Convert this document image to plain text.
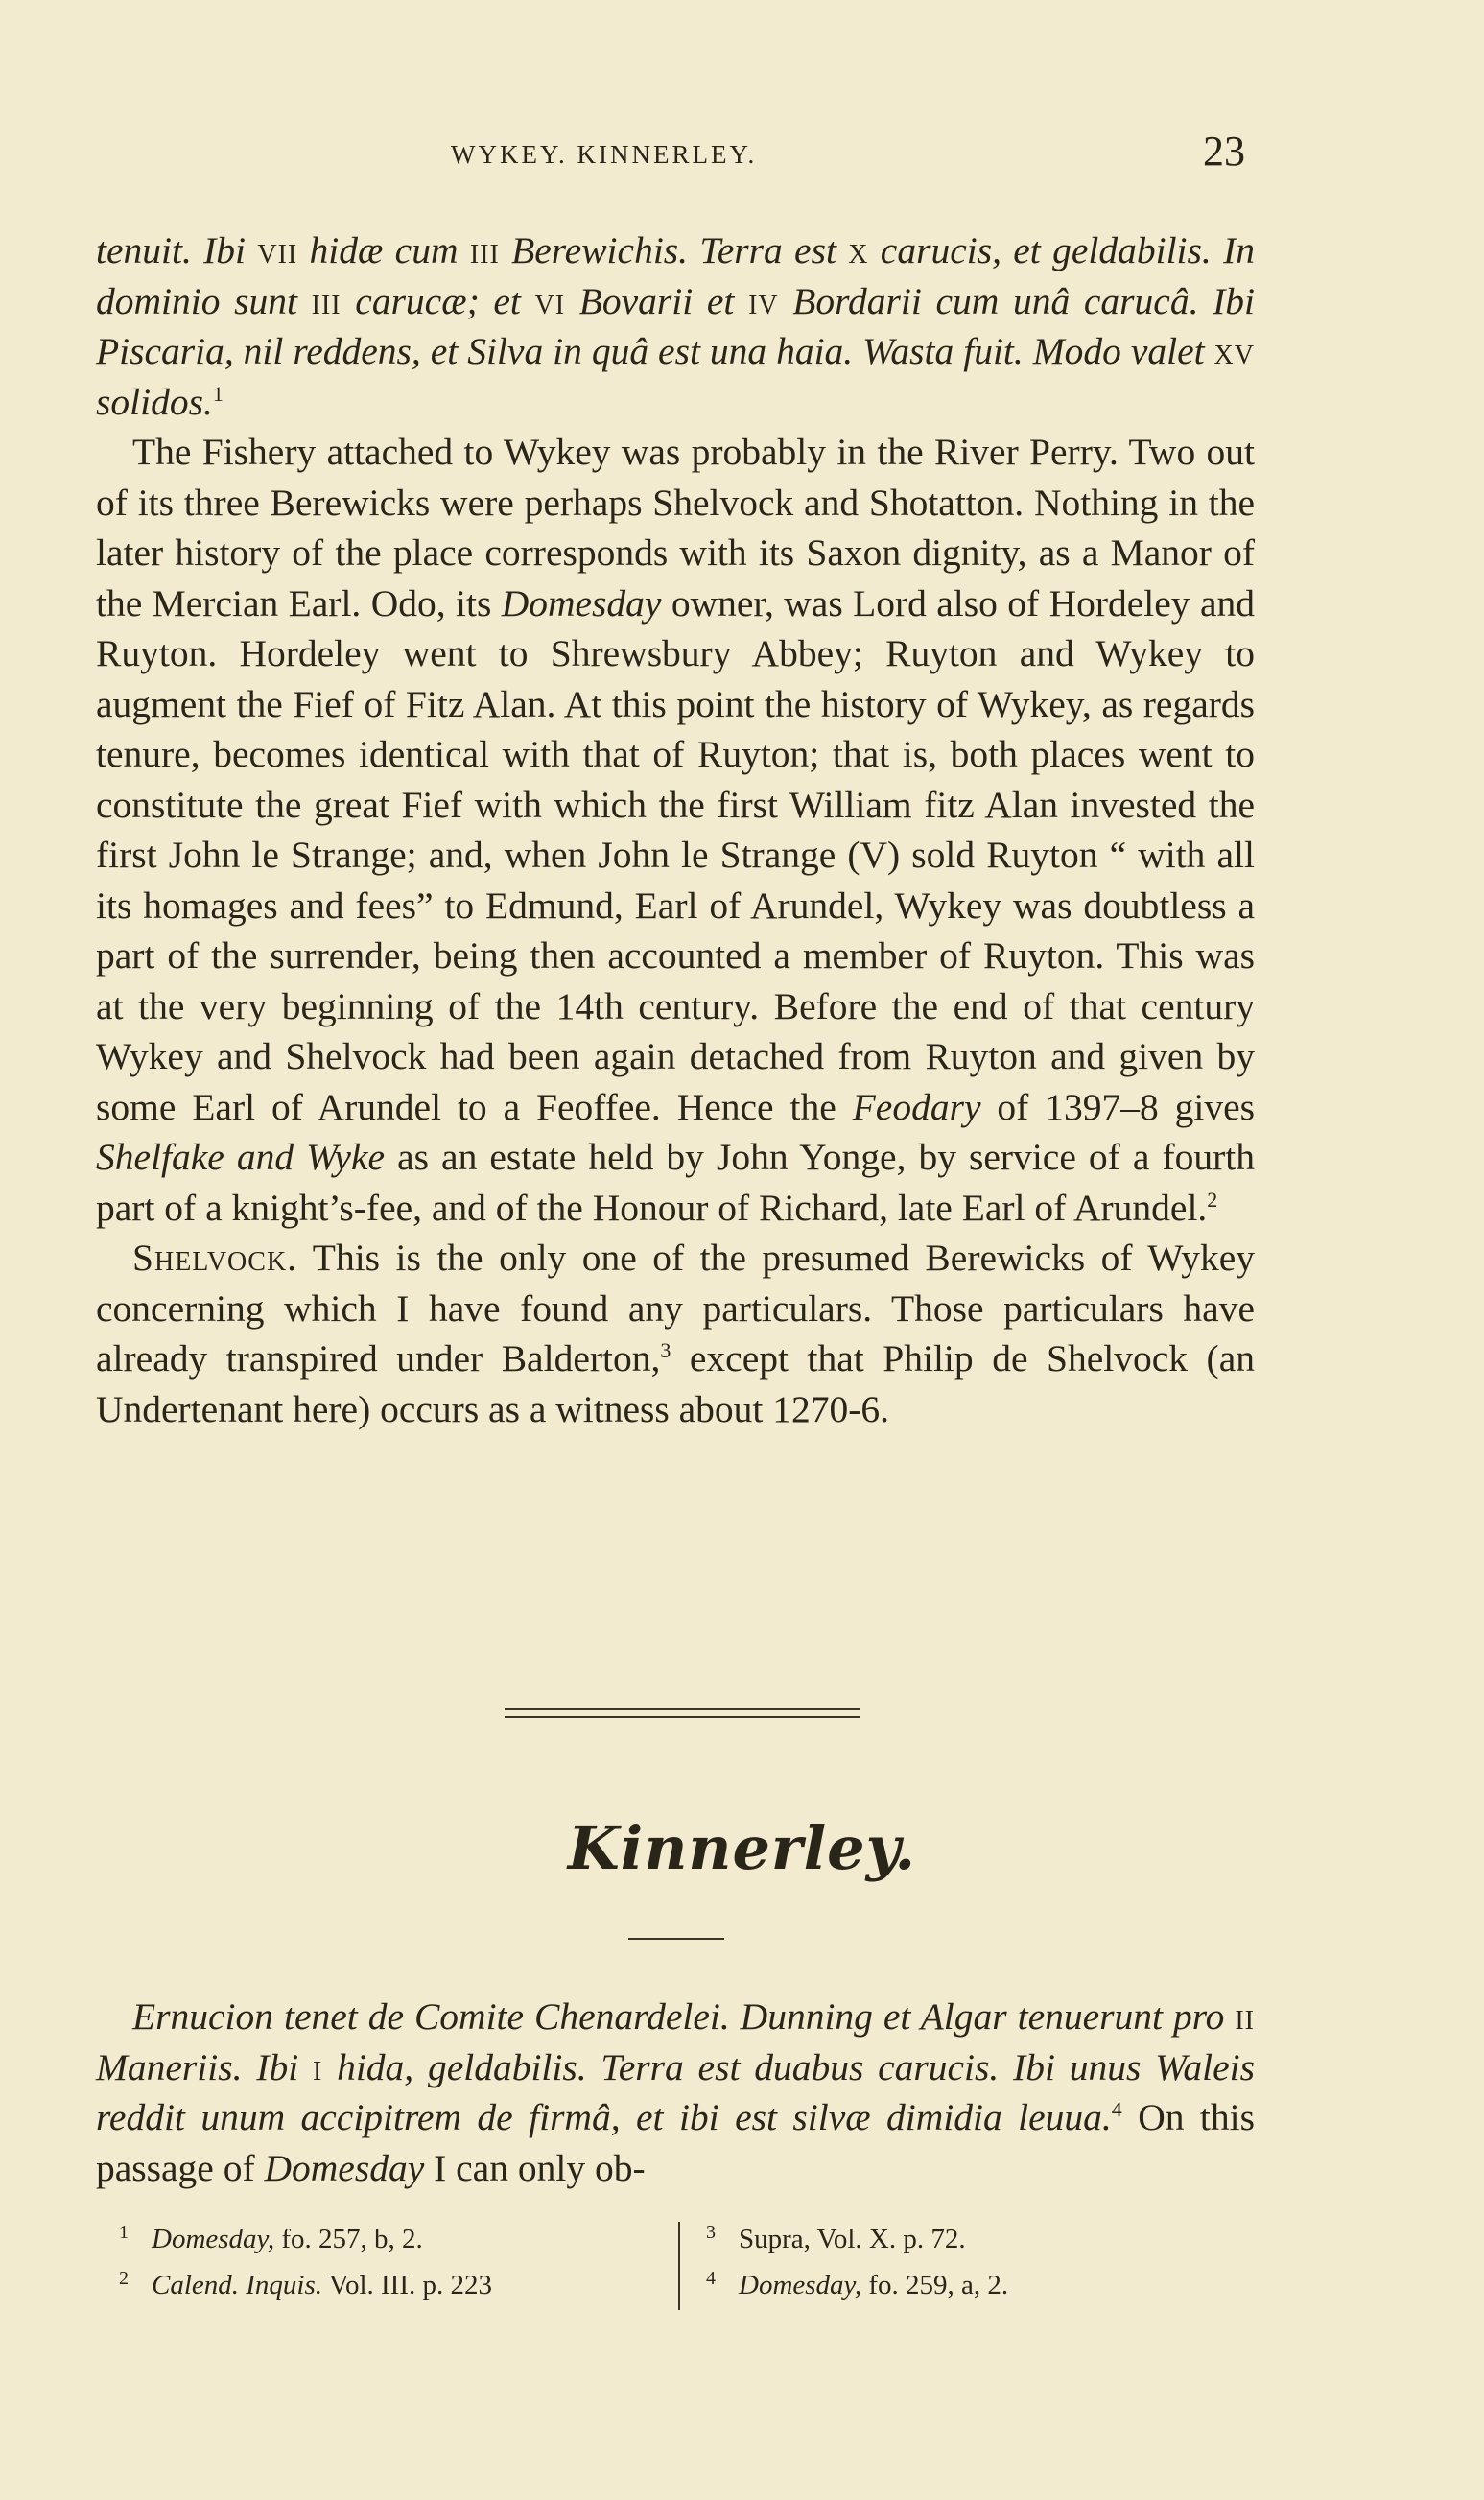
WYKEY. KINNERLEY.	23

tenuit. Ibi vii hidæ cum iii Berewichis. Terra est x carucis, et geldabilis. In dominio sunt iii carucæ; et vi Bovarii et iv Bordarii cum unâ carucâ. Ibi Piscaria, nil reddens, et Silva in quâ est una haia. Wasta fuit. Modo valet xv solidos.$^1$

The Fishery attached to Wykey was probably in the River Perry. Two out of its three Berewicks were perhaps Shelvock and Shotatton. Nothing in the later history of the place corresponds with its Saxon dignity, as a Manor of the Mercian Earl. Odo, its Domesday owner, was Lord also of Hordeley and Ruyton. Hordeley went to Shrewsbury Abbey; Ruyton and Wykey to augment the Fief of Fitz Alan. At this point the history of Wykey, as regards tenure, becomes identical with that of Ruyton; that is, both places went to constitute the great Fief with which the first William fitz Alan invested the first John le Strange; and, when John le Strange (V) sold Ruyton “ with all its homages and fees” to Edmund, Earl of Arundel, Wykey was doubtless a part of the surrender, being then accounted a member of Ruyton. This was at the very beginning of the 14th century. Before the end of that century Wykey and Shelvock had been again detached from Ruyton and given by some Earl of Arundel to a Feoffee. Hence the Feodary of 1397–8 gives Shelfake and Wyke as an estate held by John Yonge, by service of a fourth part of a knight’s-fee, and of the Honour of Richard, late Earl of Arundel.$^2$

Shelvock. This is the only one of the presumed Berewicks of Wykey concerning which I have found any particulars. Those particulars have already transpired under Balderton,$^3$ except that Philip de Shelvock (an Undertenant here) occurs as a witness about 1270-6.

Kinnerley.

Ernucion tenet de Comite Chenardelei. Dunning et Algar tenuerunt pro ii Maneriis. Ibi i hida, geldabilis. Terra est duabus carucis. Ibi unus Waleis reddit unum accipitrem de firmâ, et ibi est silvæ dimidia leuua.$^4$ On this passage of Domesday I can only ob-

1 Domesday, fo. 257, b, 2.
2 Calend. Inquis. Vol. III. p. 223
3 Supra, Vol. X. p. 72.
4 Domesday, fo. 259, a, 2.
